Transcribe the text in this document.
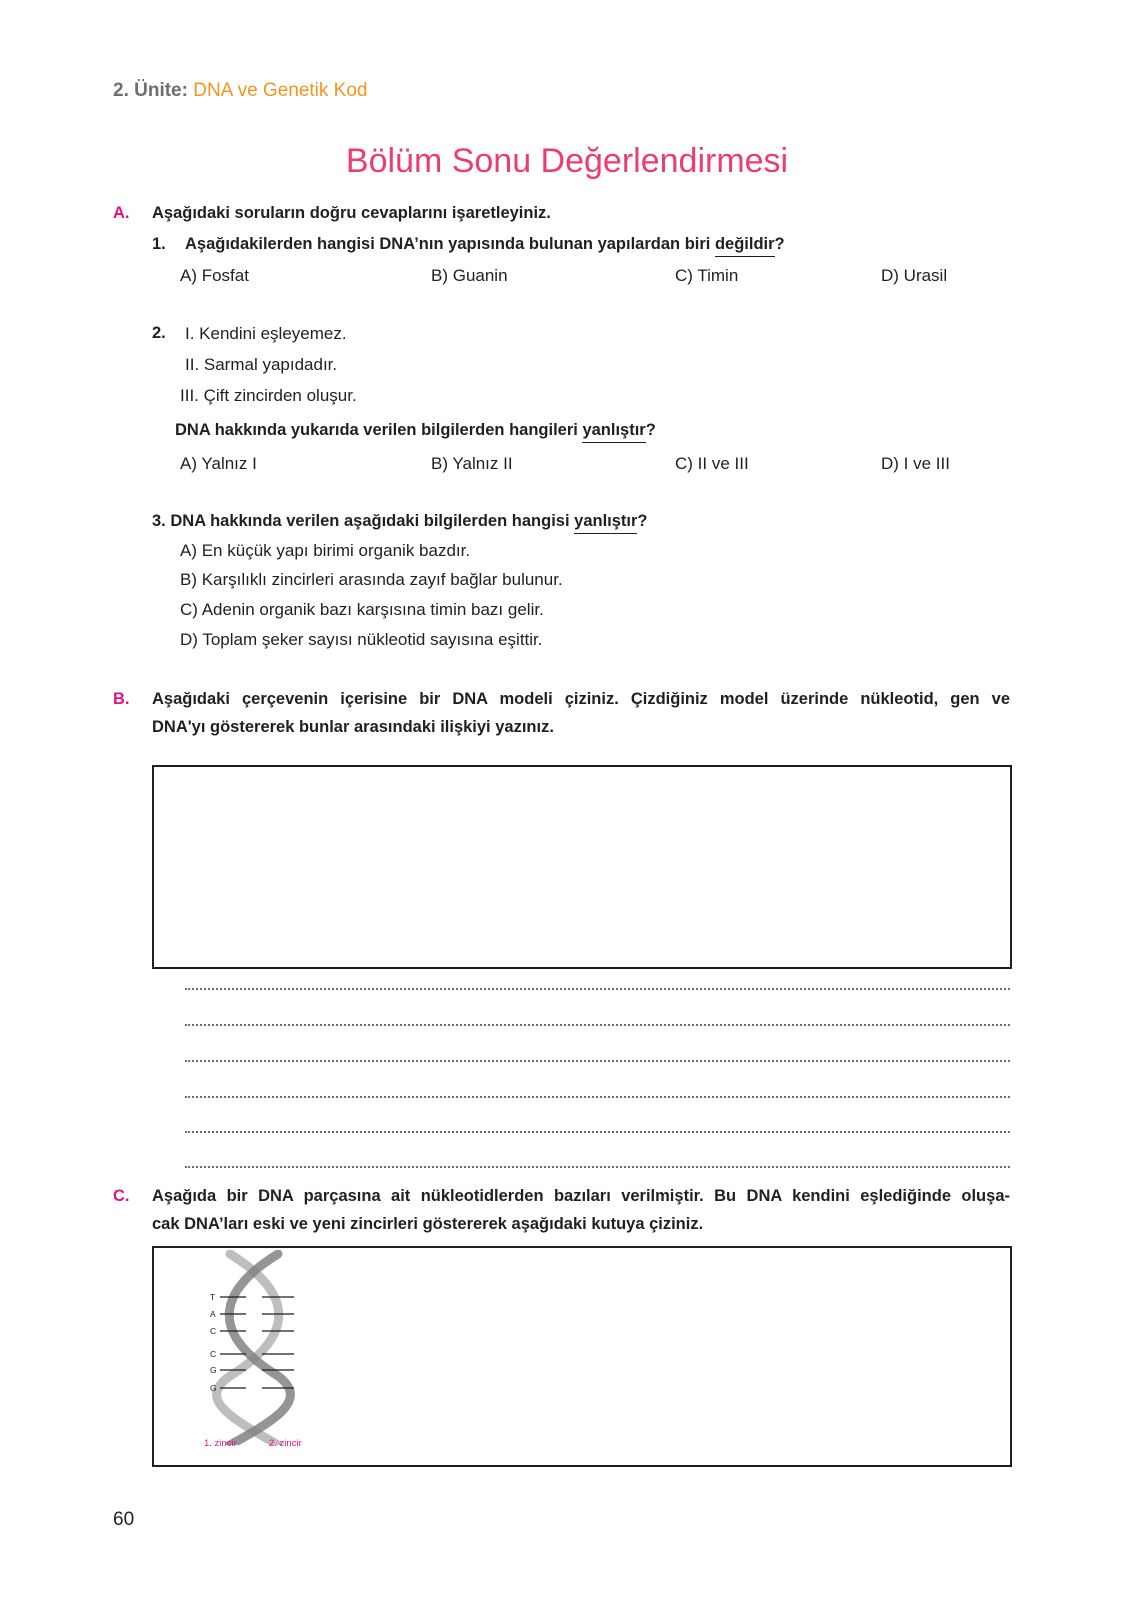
2. Ünite: DNA ve Genetik Kod
Bölüm Sonu Değerlendirmesi
A. Aşağıdaki soruların doğru cevaplarını işaretleyiniz.
1. Aşağıdakilerden hangisi DNA’nın yapısında bulunan yapılardan biri değildir?
A) Fosfat	B) Guanin	C) Timin	D) Urasil
2. I. Kendini eşleyemez.
II. Sarmal yapıdadır.
III. Çift zincirden oluşur.
DNA hakkında yukarıda verilen bilgilerden hangileri yanlıştır?
A) Yalnız I	B) Yalnız II	C) II ve III	D) I ve III
3. DNA hakkında verilen aşağıdaki bilgilerden hangisi yanlıştır?
A) En küçük yapı birimi organik bazdır.
B) Karşılıklı zincirleri arasında zayıf bağlar bulunur.
C) Adenin organik bazı karşısına timin bazı gelir.
D) Toplam şeker sayısı nükleotid sayısına eşittir.
B. Aşağıdaki çerçevenin içerisine bir DNA modeli çiziniz. Çizdiğiniz model üzerinde nükleotid, gen ve
DNA'yı göstererek bunlar arasındaki ilişkiyi yazınız.
C. Aşağıda bir DNA parçasına ait nükleotidlerden bazıları verilmiştir. Bu DNA kendini eşlediğinde oluşa-
cak DNA’ları eski ve yeni zincirleri göstererek aşağıdaki kutuya çiziniz.
T
A
C
C
G
G
1. zincir	2. zincir
60
